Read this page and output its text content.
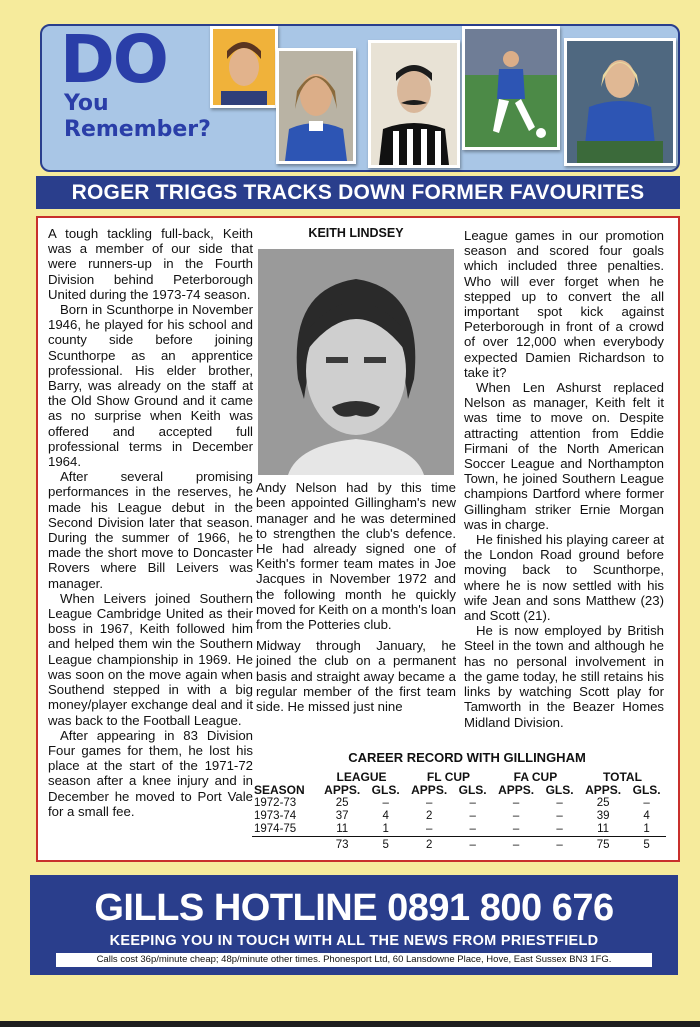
DO
You
Remember?
ROGER TRIGGS TRACKS DOWN FORMER FAVOURITES

A tough tackling full-back, Keith was a member of our side that were runners-up in the Fourth Division behind Peterborough United during the 1973-74 season.

Born in Scunthorpe in November 1946, he played for his school and county side before joining Scunthorpe as an apprentice professional. His elder brother, Barry, was already on the staff at the Old Show Ground and it came as no surprise when Keith was offered and accepted full professional terms in December 1964.

After several promising performances in the reserves, he made his League debut in the Second Division later that season. During the summer of 1966, he made the short move to Doncaster Rovers where Bill Leivers was manager.

When Leivers joined Southern League Cambridge United as their boss in 1967, Keith followed him and helped them win the Southern League championship in 1969. He was soon on the move again when Southend stepped in with a big money/player exchange deal and it was back to the Football League.

After appearing in 83 Division Four games for them, he lost his place at the start of the 1971-72 season after a knee injury and in December he moved to Port Vale for a small fee.

KEITH LINDSEY

Andy Nelson had by this time been appointed Gillingham's new manager and he was determined to strengthen the club's defence. He had already signed one of Keith's former team mates in Joe Jacques in November 1972 and the following month he quickly moved for Keith on a month's loan from the Potteries club.

Midway through January, he joined the club on a permanent basis and straight away became a regular member of the first team side. He missed just nine

League games in our promotion season and scored four goals which included three penalties. Who will ever forget when he stepped up to convert the all important spot kick against Peterborough in front of a crowd of over 12,000 when everybody expected Damien Richardson to take it?

When Len Ashurst replaced Nelson as manager, Keith felt it was time to move on. Despite attracting attention from Eddie Firmani of the North American Soccer League and Northampton Town, he joined Southern League champions Dartford where former Gillingham striker Ernie Morgan was in charge.

He finished his playing career at the London Road ground before moving back to Scunthorpe, where he is now settled with his wife Jean and sons Matthew (23) and Scott (21).

He is now employed by British Steel in the town and although he has no personal involvement in the game today, he still retains his links by watching Scott play for Tamworth in the Beazer Homes Midland Division.

CAREER RECORD WITH GILLINGHAM
	LEAGUE		FL CUP		FA CUP		TOTAL	
SEASON	APPS.	GLS.	APPS.	GLS.	APPS.	GLS.	APPS.	GLS.
1972-73	25	–	–	–	–	–	25	–
1973-74	37	4	2	–	–	–	39	4
1974-75	11	1	–	–	–	–	11	1
	73	5	2	–	–	–	75	5
GILLS HOTLINE 0891 800 676
KEEPING YOU IN TOUCH WITH ALL THE NEWS FROM PRIESTFIELD
Calls cost 36p/minute cheap; 48p/minute other times. Phonesport Ltd, 60 Lansdowne Place, Hove, East Sussex BN3 1FG.
